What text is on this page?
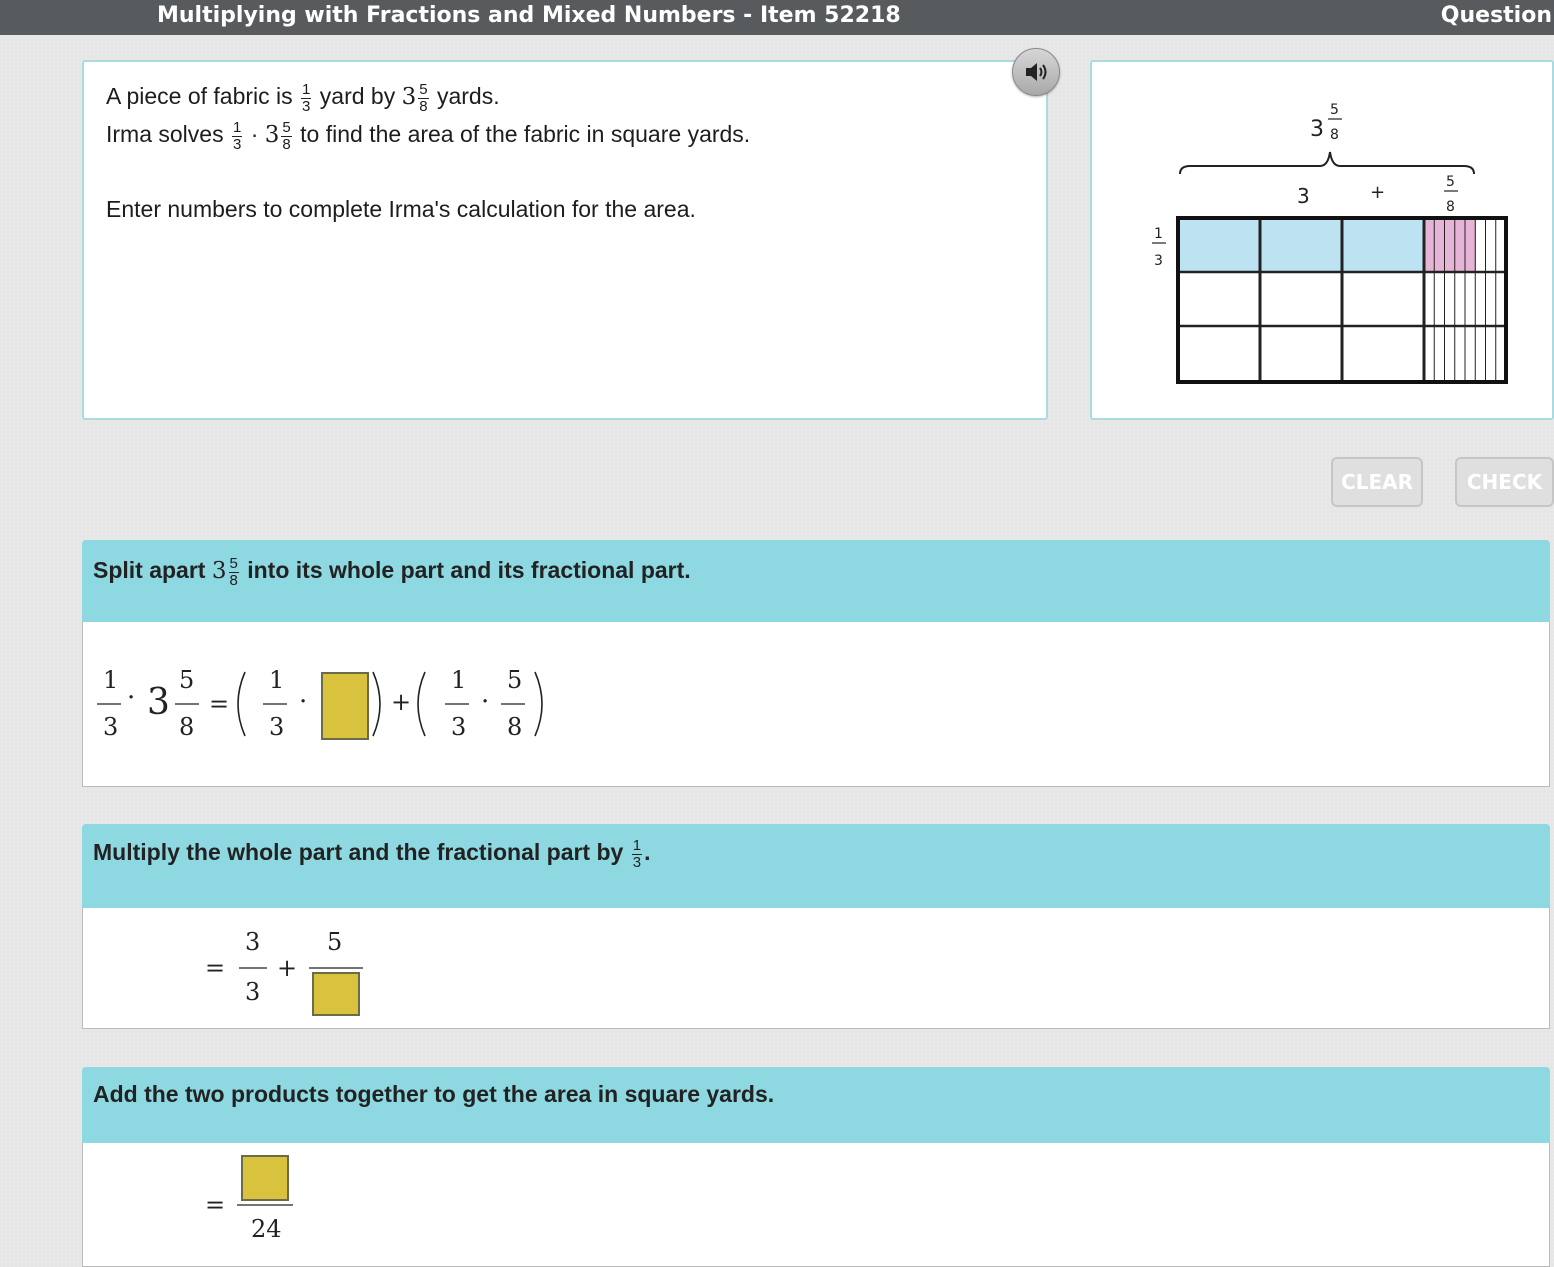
Multiplying with Fractions and Mixed Numbers - Item 52218	Question
A piece of fabric is $\frac{1}{3}$ yard by $3 \frac{5}{8}$ yards.
Irma solves $\frac{1}{3} \cdot 3 \frac{5}{8}$ to find the area of the fabric in square yards.
Enter numbers to complete Irma's calculation for the area.
3
5
8
3	+	5
8
1
3
CLEAR	CHECK
Split apart $3 \frac{5}{8}$ into its whole part and its fractional part.
1
3
· 3
5
8
=
1
3
·	+
1
3
·
5
8
Multiply the whole part and the fractional part by $\frac{1}{3}$ .
=
3
3
+
5
Add the two products together to get the area in square yards.
=
24
